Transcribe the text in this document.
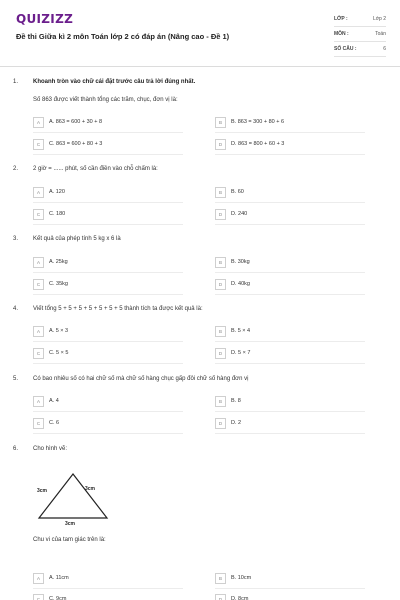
QUIZIZZ
Đề thi Giữa kì 2 môn Toán lớp 2 có đáp án (Nâng cao - Đề 1)
LỚP :	Lớp 2
MÔN :	Toán
SỐ CÂU :	6
1. Khoanh tròn vào chữ cái đặt trước câu trả lời đúng nhất.
Số 863 được viết thành tổng các trăm, chục, đơn vị là:
A	A. 863 = 600 + 30 + 8	B	B. 863 = 300 + 80 + 6
C	C. 863 = 600 + 80 + 3	D	D. 863 = 800 + 60 + 3
2. 2 giờ = ...... phút, số cần điền vào chỗ chấm là:
A	A. 120	B	B. 60
C	C. 180	D	D. 240
3. Kết quả của phép tính 5 kg x 6 là
A	A. 25kg	B	B. 30kg
C	C. 35kg	D	D. 40kg
4. Viết tổng 5 + 5 + 5 + 5 + 5 + 5 + 5 thành tích ta được kết quả là:
A	A. 5 × 3	B	B. 5 × 4
C	C. 5 × 5	D	D. 5 × 7
5. Có bao nhiêu số có hai chữ số mà chữ số hàng chục gấp đôi chữ số hàng đơn vị
A	A. 4	B	B. 8
C	C. 6	D	D. 2
6. Cho hình vẽ:
3cm	3cm
3cm
Chu vi của tam giác trên là:
A	A. 11cm	B	B. 10cm
C	C. 9cm	D	D. 8cm
